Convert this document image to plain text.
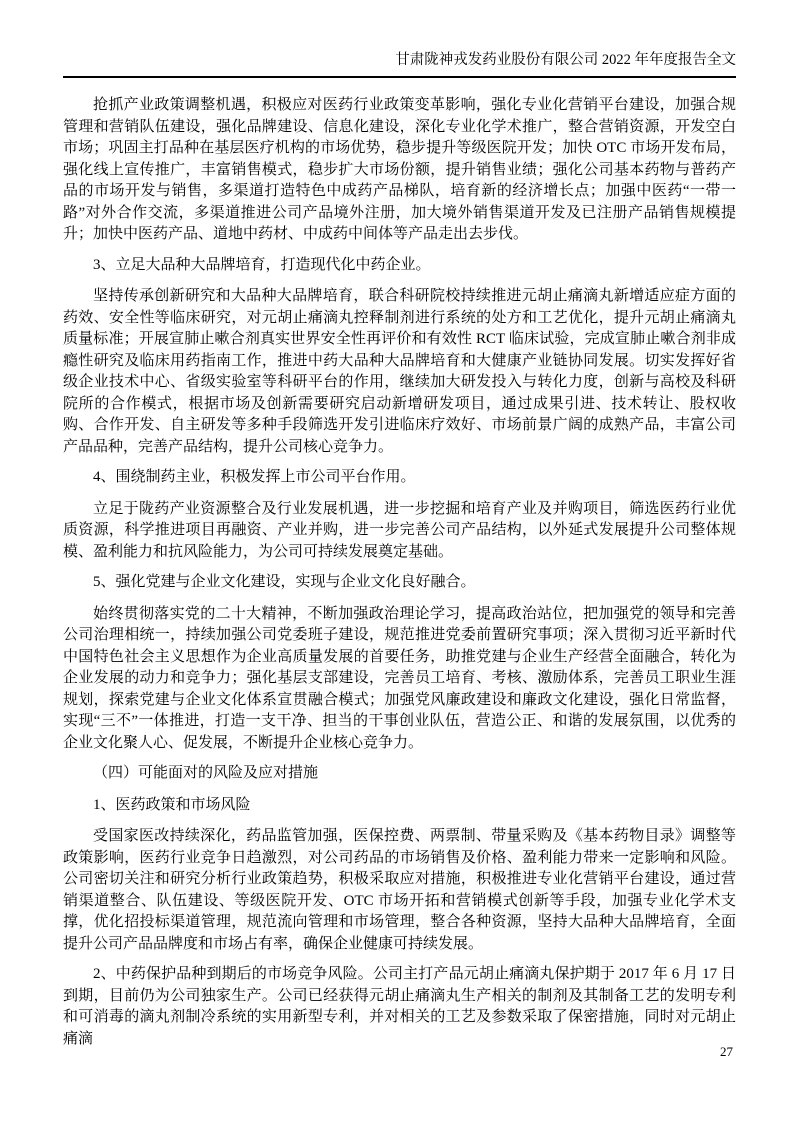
甘肃陇神戎发药业股份有限公司 2022 年年度报告全文

抢抓产业政策调整机遇，积极应对医药行业政策变革影响，强化专业化营销平台建设，加强合规管理和营销队伍建设，强化品牌建设、信息化建设，深化专业化学术推广，整合营销资源，开发空白市场；巩固主打品种在基层医疗机构的市场优势，稳步提升等级医院开发；加快 OTC 市场开发布局，强化线上宣传推广，丰富销售模式，稳步扩大市场份额，提升销售业绩；强化公司基本药物与普药产品的市场开发与销售，多渠道打造特色中成药产品梯队，培育新的经济增长点；加强中医药“一带一路”对外合作交流，多渠道推进公司产品境外注册，加大境外销售渠道开发及已注册产品销售规模提升；加快中医药产品、道地中药材、中成药中间体等产品走出去步伐。

3、立足大品种大品牌培育，打造现代化中药企业。

坚持传承创新研究和大品种大品牌培育，联合科研院校持续推进元胡止痛滴丸新增适应症方面的药效、安全性等临床研究，对元胡止痛滴丸控释制剂进行系统的处方和工艺优化，提升元胡止痛滴丸质量标准；开展宣肺止嗽合剂真实世界安全性再评价和有效性 RCT 临床试验，完成宣肺止嗽合剂非成瘾性研究及临床用药指南工作，推进中药大品种大品牌培育和大健康产业链协同发展。切实发挥好省级企业技术中心、省级实验室等科研平台的作用，继续加大研发投入与转化力度，创新与高校及科研院所的合作模式，根据市场及创新需要研究启动新增研发项目，通过成果引进、技术转让、股权收购、合作开发、自主研发等多种手段筛选开发引进临床疗效好、市场前景广阔的成熟产品，丰富公司产品品种，完善产品结构，提升公司核心竞争力。

4、围绕制药主业，积极发挥上市公司平台作用。

立足于陇药产业资源整合及行业发展机遇，进一步挖掘和培育产业及并购项目，筛选医药行业优质资源，科学推进项目再融资、产业并购，进一步完善公司产品结构，以外延式发展提升公司整体规模、盈利能力和抗风险能力，为公司可持续发展奠定基础。

5、强化党建与企业文化建设，实现与企业文化良好融合。

始终贯彻落实党的二十大精神，不断加强政治理论学习，提高政治站位，把加强党的领导和完善公司治理相统一，持续加强公司党委班子建设，规范推进党委前置研究事项；深入贯彻习近平新时代中国特色社会主义思想作为企业高质量发展的首要任务，助推党建与企业生产经营全面融合，转化为企业发展的动力和竞争力；强化基层支部建设，完善员工培育、考核、激励体系，完善员工职业生涯规划，探索党建与企业文化体系宣贯融合模式；加强党风廉政建设和廉政文化建设，强化日常监督，实现“三不”一体推进，打造一支干净、担当的干事创业队伍，营造公正、和谐的发展氛围，以优秀的企业文化聚人心、促发展，不断提升企业核心竞争力。

（四）可能面对的风险及应对措施

1、医药政策和市场风险

受国家医改持续深化，药品监管加强，医保控费、两票制、带量采购及《基本药物目录》调整等政策影响，医药行业竞争日趋激烈，对公司药品的市场销售及价格、盈利能力带来一定影响和风险。公司密切关注和研究分析行业政策趋势，积极采取应对措施，积极推进专业化营销平台建设，通过营销渠道整合、队伍建设、等级医院开发、OTC 市场开拓和营销模式创新等手段，加强专业化学术支撑，优化招投标渠道管理，规范流向管理和市场管理，整合各种资源，坚持大品种大品牌培育，全面提升公司产品品牌度和市场占有率，确保企业健康可持续发展。

2、中药保护品种到期后的市场竞争风险。公司主打产品元胡止痛滴丸保护期于 2017 年 6 月 17 日到期，目前仍为公司独家生产。公司已经获得元胡止痛滴丸生产相关的制剂及其制备工艺的发明专利和可消毒的滴丸剂制冷系统的实用新型专利，并对相关的工艺及参数采取了保密措施，同时对元胡止痛滴

27
